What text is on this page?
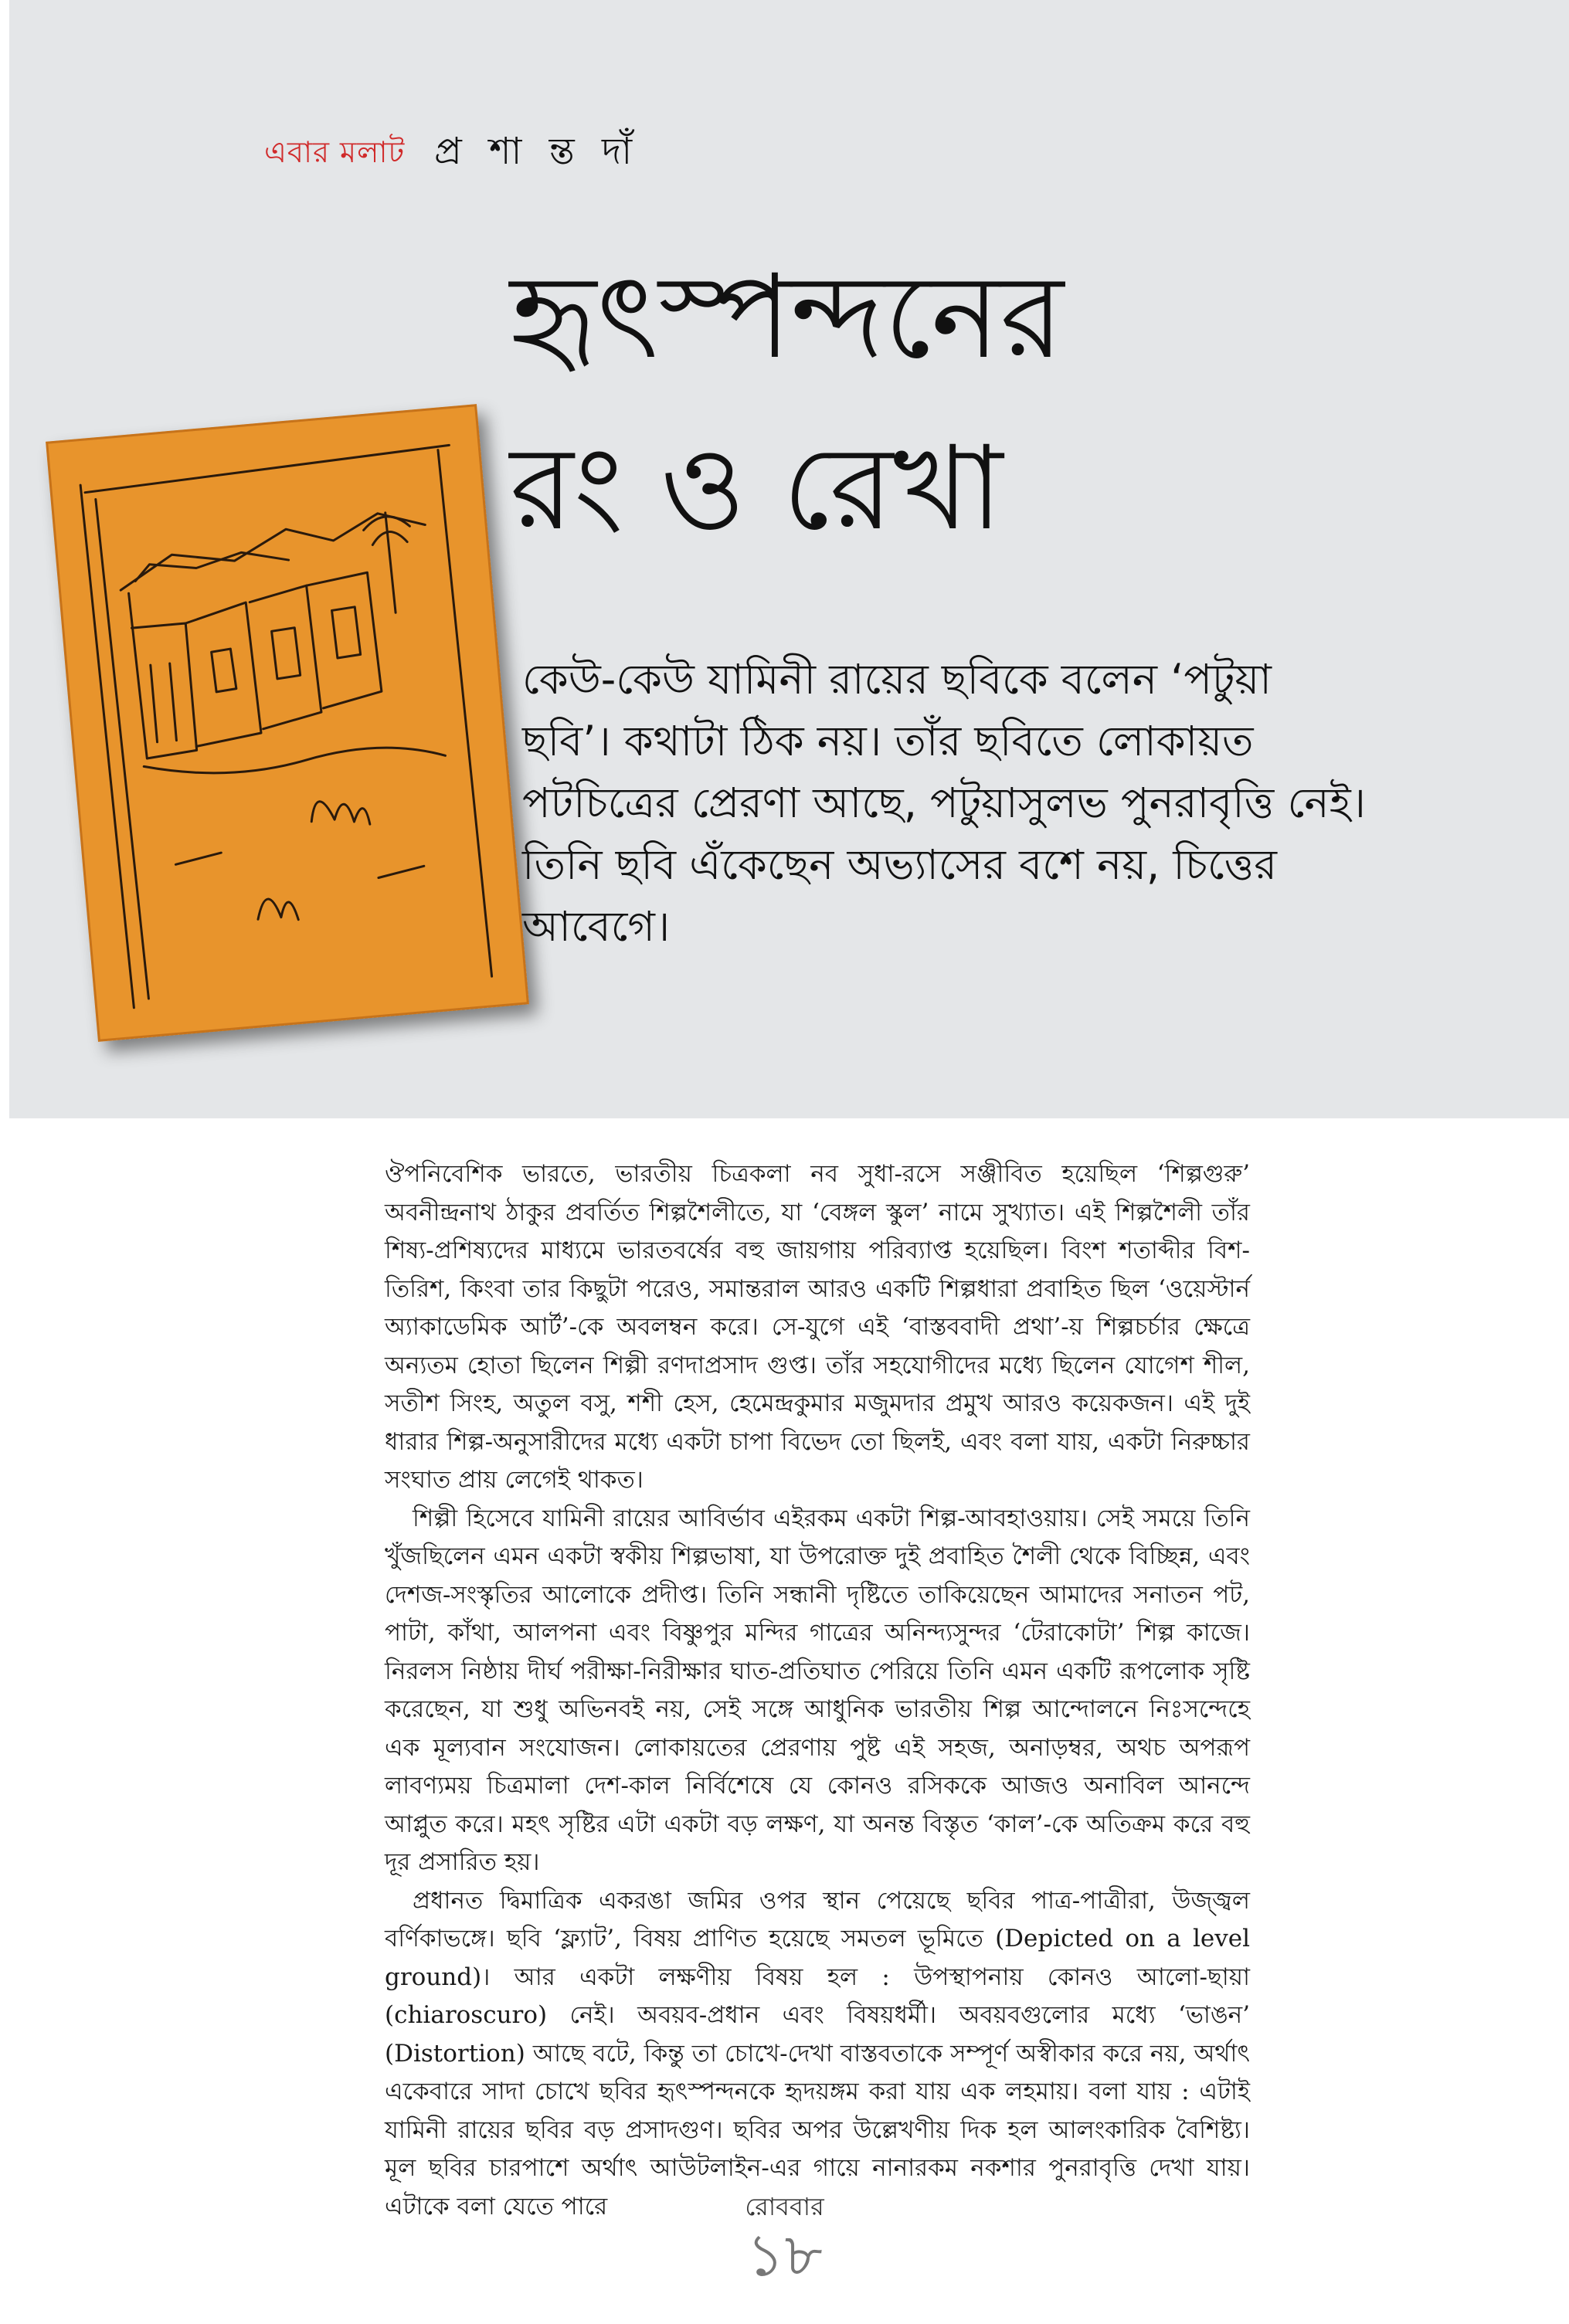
এবার মলাট প্র শা ন্ত দাঁ
হৃৎস্পন্দনের
রং ও রেখা

কেউ-কেউ যামিনী রায়ের ছবিকে বলেন ‘পটুয়া ছবি’। কথাটা ঠিক নয়। তাঁর ছবিতে লোকায়ত পটচিত্রের প্রেরণা আছে, পটুয়াসুলভ পুনরাবৃত্তি নেই। তিনি ছবি এঁকেছেন অভ্যাসের বশে নয়, চিত্তের আবেগে।

ঔপনিবেশিক ভারতে, ভারতীয় চিত্রকলা নব সুধা-রসে সঞ্জীবিত হয়েছিল ‘শিল্পগুরু’ অবনীন্দ্রনাথ ঠাকুর প্রবর্তিত শিল্পশৈলীতে, যা ‘বেঙ্গল স্কুল’ নামে সুখ্যাত। এই শিল্পশৈলী তাঁর শিষ্য-প্রশিষ্যদের মাধ্যমে ভারতবর্ষের বহু জায়গায় পরিব্যাপ্ত হয়েছিল। বিংশ শতাব্দীর বিশ-তিরিশ, কিংবা তার কিছুটা পরেও, সমান্তরাল আরও একটি শিল্পধারা প্রবাহিত ছিল ‘ওয়েস্টার্ন অ্যাকাডেমিক আর্ট’-কে অবলম্বন করে। সে-যুগে এই ‘বাস্তববাদী প্রথা’-য় শিল্পচর্চার ক্ষেত্রে অন্যতম হোতা ছিলেন শিল্পী রণদাপ্রসাদ গুপ্ত। তাঁর সহযোগীদের মধ্যে ছিলেন যোগেশ শীল, সতীশ সিংহ, অতুল বসু, শশী হেস, হেমেন্দ্রকুমার মজুমদার প্রমুখ আরও কয়েকজন। এই দুই ধারার শিল্প-অনুসারীদের মধ্যে একটা চাপা বিভেদ তো ছিলই, এবং বলা যায়, একটা নিরুচ্চার সংঘাত প্রায় লেগেই থাকত।

শিল্পী হিসেবে যামিনী রায়ের আবির্ভাব এইরকম একটা শিল্প-আবহাওয়ায়। সেই সময়ে তিনি খুঁজছিলেন এমন একটা স্বকীয় শিল্পভাষা, যা উপরোক্ত দুই প্রবাহিত শৈলী থেকে বিচ্ছিন্ন, এবং দেশজ-সংস্কৃতির আলোকে প্রদীপ্ত। তিনি সন্ধানী দৃষ্টিতে তাকিয়েছেন আমাদের সনাতন পট, পাটা, কাঁথা, আলপনা এবং বিষ্ণুপুর মন্দির গাত্রের অনিন্দ্যসুন্দর ‘টেরাকোটা’ শিল্প কাজে। নিরলস নিষ্ঠায় দীর্ঘ পরীক্ষা-নিরীক্ষার ঘাত-প্রতিঘাত পেরিয়ে তিনি এমন একটি রূপলোক সৃষ্টি করেছেন, যা শুধু অভিনবই নয়, সেই সঙ্গে আধুনিক ভারতীয় শিল্প আন্দোলনে নিঃসন্দেহে এক মূল্যবান সংযোজন। লোকায়তের প্রেরণায় পুষ্ট এই সহজ, অনাড়ম্বর, অথচ অপরূপ লাবণ্যময় চিত্রমালা দেশ-কাল নির্বিশেষে যে কোনও রসিককে আজও অনাবিল আনন্দে আপ্লুত করে। মহৎ সৃষ্টির এটা একটা বড় লক্ষণ, যা অনন্ত বিস্তৃত ‘কাল’-কে অতিক্রম করে বহু দূর প্রসারিত হয়।

প্রধানত দ্বিমাত্রিক একরঙা জমির ওপর স্থান পেয়েছে ছবির পাত্র-পাত্রীরা, উজ্জ্বল বর্ণিকাভঙ্গে। ছবি ‘ফ্ল্যাট’, বিষয় প্রাণিত হয়েছে সমতল ভূমিতে (Depicted on a level ground)। আর একটা লক্ষণীয় বিষয় হল : উপস্থাপনায় কোনও আলো-ছায়া (chiaroscuro) নেই। অবয়ব-প্রধান এবং বিষয়ধর্মী। অবয়বগুলোর মধ্যে ‘ভাঙন’ (Distortion) আছে বটে, কিন্তু তা চোখে-দেখা বাস্তবতাকে সম্পূর্ণ অস্বীকার করে নয়, অর্থাৎ একেবারে সাদা চোখে ছবির হৃৎস্পন্দনকে হৃদয়ঙ্গম করা যায় এক লহমায়। বলা যায় : এটাই যামিনী রায়ের ছবির বড় প্রসাদগুণ। ছবির অপর উল্লেখণীয় দিক হল আলংকারিক বৈশিষ্ট্য। মূল ছবির চারপাশে অর্থাৎ আউটলাইন-এর গায়ে নানারকম নকশার পুনরাবৃত্তি দেখা যায়। এটাকে বলা যেতে পারে	রোববার
১৮
